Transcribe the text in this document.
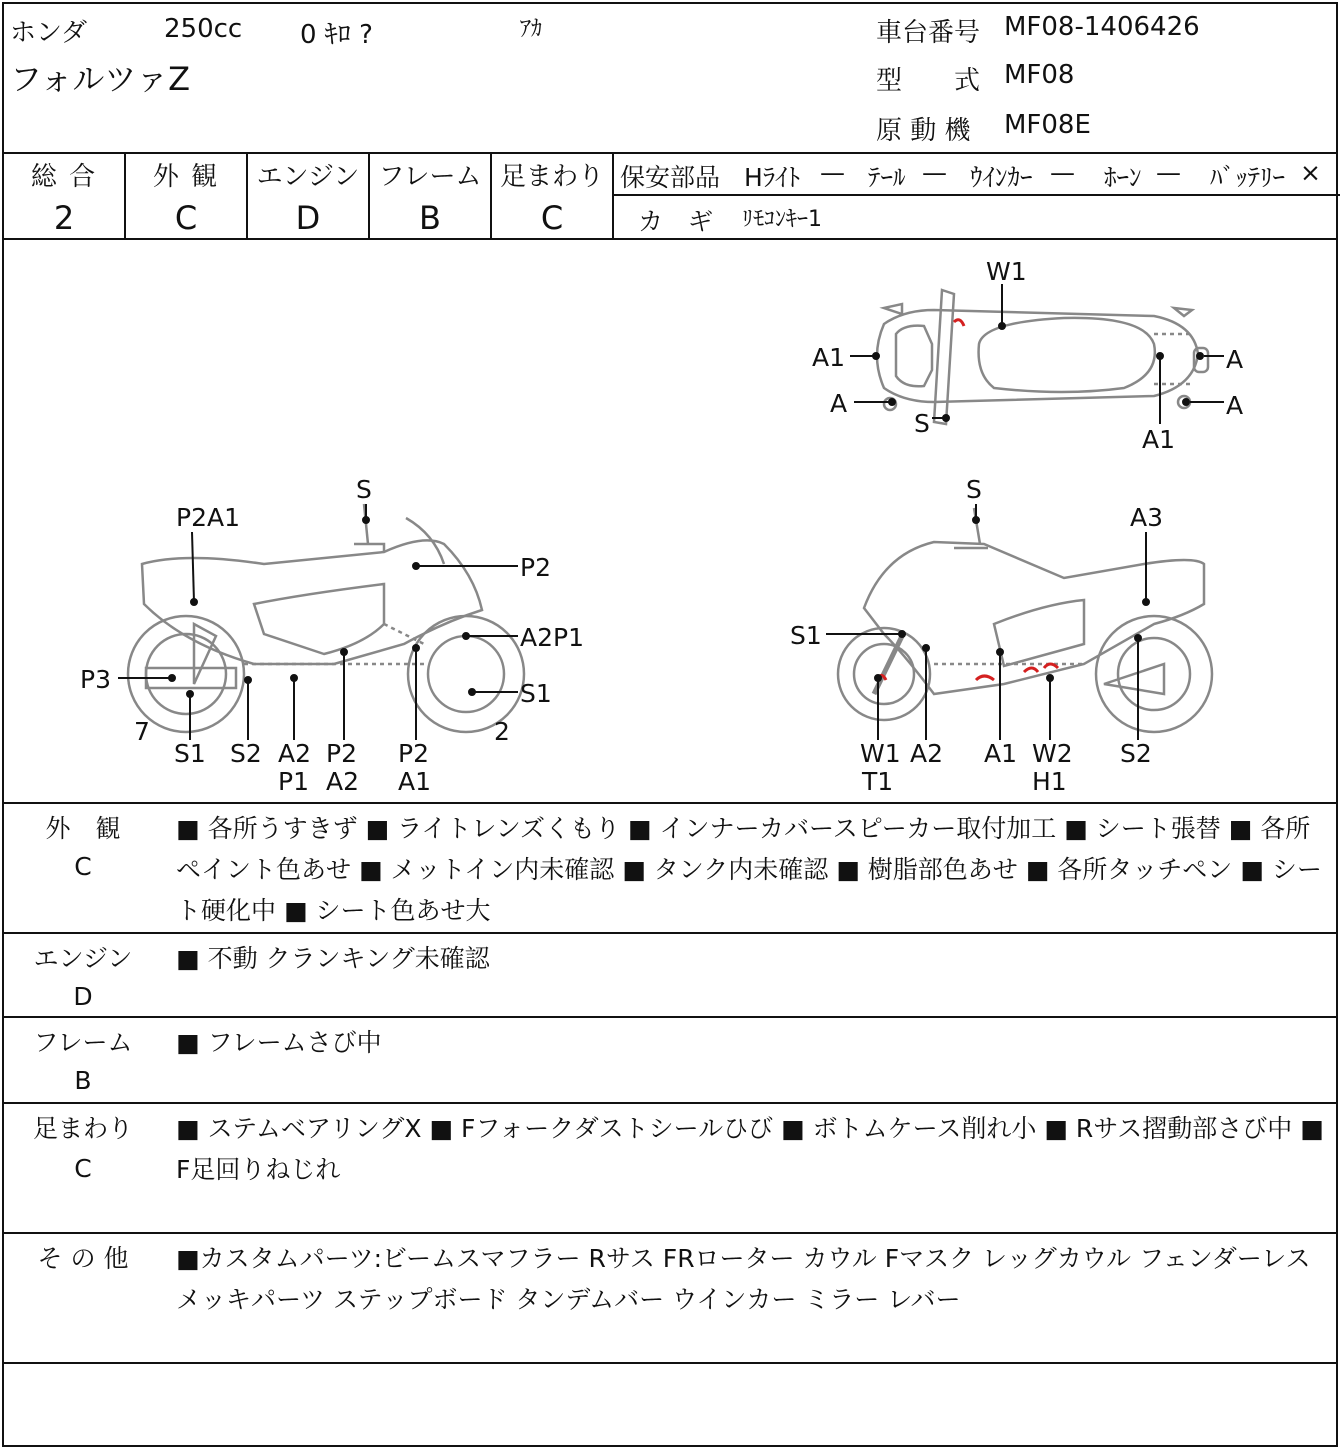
ホンダ	250cc 0 ｷﾛ ?	ｱｶ
フォルツァZ
車台番号 MF08-1406426
型　　式 MF08
原 動 機 MF08E
総 合
2
外 観
C
エンジン
D
フレーム
B
足まわり
C
保安部品 Hﾗｲﾄ — ﾃｰﾙ — ｳｲﾝｶｰ — ﾎｰﾝ — ﾊﾞｯﾃﾘｰ ×
カ　ギ ﾘﾓｺﾝｷｰ1
W1
A1
A
S
A
A
A1
S
P2A1
P2
A2P1
S1
P3
7	2
S1 S2 A2
P1
P2
A2
P2
A1
S
A3
S1
W1
T1
A2 A1 W2
H1
S2
外　観
C
■ 各所うすきず ■ ライトレンズくもり ■ インナーカバースピーカー取付加工 ■ シート張替 ■ 各所ペイント色あせ ■ メットイン内未確認 ■ タンク内未確認 ■ 樹脂部色あせ ■ 各所タッチペン ■ シート硬化中 ■ シート色あせ大
エンジン
D
■ 不動 クランキング未確認
フレーム
B
■ フレームさび中
足まわり
C
■ ステムベアリングX ■ Fフォークダストシールひび ■ ボトムケース削れ小 ■ Rサス摺動部さび中 ■ F足回りねじれ
そ の 他	■カスタムパーツ:ビームスマフラー Rサス FRローター カウル Fマスク レッグカウル フェンダーレス メッキパーツ ステップボード タンデムバー ウインカー ミラー レバー
